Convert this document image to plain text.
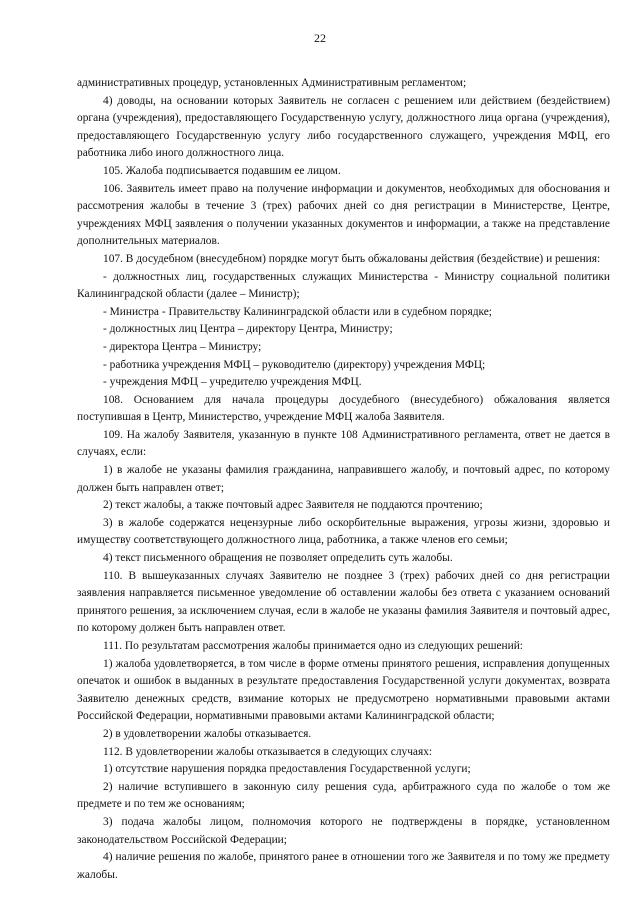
22

административных процедур, установленных Административным регламентом;

4) доводы, на основании которых Заявитель не согласен с решением или действием (бездействием) органа (учреждения), предоставляющего Государственную услугу, должностного лица органа (учреждения), предоставляющего Государственную услугу либо государственного служащего, учреждения МФЦ, его работника либо иного должностного лица.

105. Жалоба подписывается подавшим ее лицом.

106. Заявитель имеет право на получение информации и документов, необходимых для обоснования и рассмотрения жалобы в течение 3 (трех) рабочих дней со дня регистрации в Министерстве, Центре, учреждениях МФЦ заявления о получении указанных документов и информации, а также на представление дополнительных материалов.

107. В досудебном (внесудебном) порядке могут быть обжалованы действия (бездействие) и решения:

- должностных лиц, государственных служащих Министерства - Министру социальной политики Калининградской области (далее – Министр);

- Министра - Правительству Калининградской области или в судебном порядке;

- должностных лиц Центра – директору Центра, Министру;

- директора Центра – Министру;

- работника учреждения МФЦ – руководителю (директору) учреждения МФЦ;

- учреждения МФЦ – учредителю учреждения МФЦ.

108. Основанием для начала процедуры досудебного (внесудебного) обжалования является поступившая в Центр, Министерство, учреждение МФЦ жалоба Заявителя.

109. На жалобу Заявителя, указанную в пункте 108 Административного регламента, ответ не дается в случаях, если:

1) в жалобе не указаны фамилия гражданина, направившего жалобу, и почтовый адрес, по которому должен быть направлен ответ;

2) текст жалобы, а также почтовый адрес Заявителя не поддаются прочтению;

3) в жалобе содержатся нецензурные либо оскорбительные выражения, угрозы жизни, здоровью и имуществу соответствующего должностного лица, работника, а также членов его семьи;

4) текст письменного обращения не позволяет определить суть жалобы.

110. В вышеуказанных случаях Заявителю не позднее 3 (трех) рабочих дней со дня регистрации заявления направляется письменное уведомление об оставлении жалобы без ответа с указанием оснований принятого решения, за исключением случая, если в жалобе не указаны фамилия Заявителя и почтовый адрес, по которому должен быть направлен ответ.

111. По результатам рассмотрения жалобы принимается одно из следующих решений:

1) жалоба удовлетворяется, в том числе в форме отмены принятого решения, исправления допущенных опечаток и ошибок в выданных в результате предоставления Государственной услуги документах, возврата Заявителю денежных средств, взимание которых не предусмотрено нормативными правовыми актами Российской Федерации, нормативными правовыми актами Калининградской области;

2) в удовлетворении жалобы отказывается.

112. В удовлетворении жалобы отказывается в следующих случаях:

1) отсутствие нарушения порядка предоставления Государственной услуги;

2) наличие вступившего в законную силу решения суда, арбитражного суда по жалобе о том же предмете и по тем же основаниям;

3) подача жалобы лицом, полномочия которого не подтверждены в порядке, установленном законодательством Российской Федерации;

4) наличие решения по жалобе, принятого ранее в отношении того же Заявителя и по тому же предмету жалобы.
